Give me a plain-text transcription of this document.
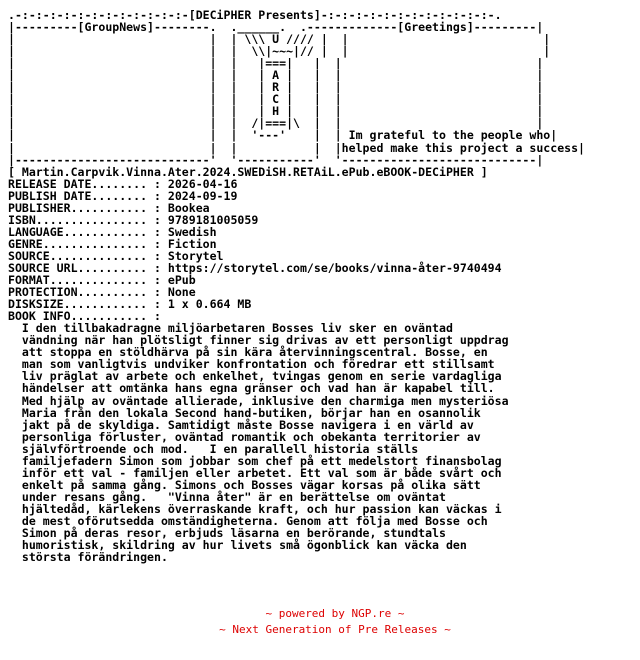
.-:-:-:-:-:-:-:-:-:-:-:-:-[DECiPHER Presents]-:-:-:-:-:-:-:-:-:-:-:-:-.
|---------[GroupNews]--------.  .______.  .-------------[Greetings]---------|
|                            |  | \\\ U //// |  |                            |
|                            |  |  \\|~~~|// |  |                            |
|                            |  |   |===|   |  |                            |
|                            |  |   | A |   |  |                            |
|                            |  |   | R |   |  |                            |
|                            |  |   | C |   |  |                            |
|                            |  |   | H |   |  |                            |
|                            |  |  /|===|\  |  |                            |
|                            |  |  '---'    |  | Im grateful to the people who|
|                            |  |           |  |helped make this project a success|
|----------------------------'  '-----------'  '----------------------------|
[ Martin.Carpvik.Vinna.Ater.2024.SWEDiSH.RETAiL.ePub.eBOOK-DECiPHER ]
RELEASE DATE........ : 2026-04-16
PUBLISH DATE........ : 2024-09-19
PUBLISHER........... : Bookea
ISBN................ : 9789181005059
LANGUAGE............ : Swedish
GENRE............... : Fiction
SOURCE.............. : Storytel
SOURCE URL.......... : https://storytel.com/se/books/vinna-åter-9740494
FORMAT.............. : ePub
PROTECTION.......... : None
DISKSIZE............ : 1 x 0.664 MB
BOOK INFO........... :
I den tillbakadragne miljöarbetaren Bosses liv sker en oväntad
vändning när han plötsligt finner sig drivas av ett personligt uppdrag
att stoppa en stöldhärva på sin kära återvinningscentral. Bosse, en
man som vanligtvis undviker konfrontation och föredrar ett stillsamt
liv präglat av arbete och enkelhet, tvingas genom en serie vardagliga
händelser att omtänka hans egna gränser och vad han är kapabel till.
Med hjälp av oväntade allierade, inklusive den charmiga men mysteriösa
Maria från den lokala Second hand-butiken, börjar han en osannolik
jakt på de skyldiga. Samtidigt måste Bosse navigera i en värld av
personliga förluster, oväntad romantik och obekanta territorier av
självförtroende och mod.   I en parallell historia ställs
familjefadern Simon som jobbar som chef på ett medelstort finansbolag
inför ett val - familjen eller arbetet. Ett val som är både svårt och
enkelt på samma gång. Simons och Bosses vägar korsas på olika sätt
under resans gång.   "Vinna åter" är en berättelse om oväntat
hjältedåd, kärlekens överraskande kraft, och hur passion kan väckas i
de mest oförutsedda omständigheterna. Genom att följa med Bosse och
Simon på deras resor, erbjuds läsarna en berörande, stundtals
humoristisk, skildring av hur livets små ögonblick kan väcka den
största förändringen.
~ powered by NGP.re ~
~ Next Generation of Pre Releases ~
